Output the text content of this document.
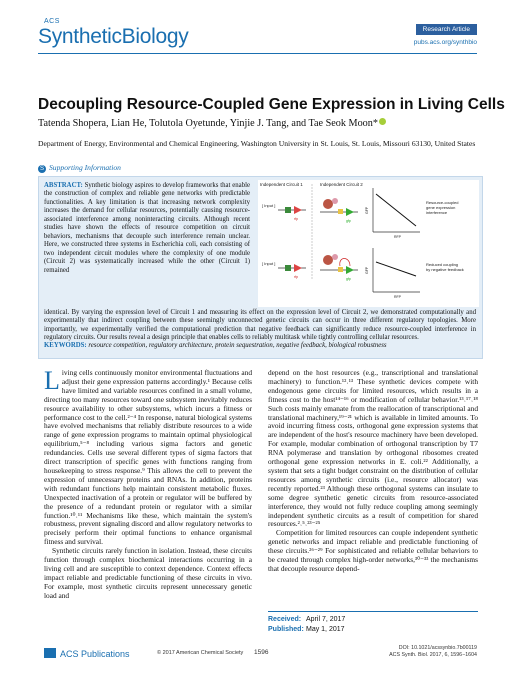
ACS
SyntheticBiology	Research Article
pubs.acs.org/synthbio
Decoupling Resource-Coupled Gene Expression in Living Cells
Tatenda Shopera, Lian He, Tolutola Oyetunde, Yinjie J. Tang, and Tae Seok Moon*
Department of Energy, Environmental and Chemical Engineering, Washington University in St. Louis, St. Louis, Missouri 63130, United States
S Supporting Information
ABSTRACT: Synthetic biology aspires to develop frameworks that enable the construction of complex and reliable gene networks with predictable functionalities. A key limitation is that increasing network complexity increases the demand for cellular resources, potentially causing resource-associated interference among noninteracting circuits. Although recent studies have shown the effects of resource competition on circuit behaviors, mechanisms that decouple such interference remain unclear. Here, we constructed three systems in Escherichia coli, each consisting of two independent circuit modules where the complexity of one module (Circuit 2) was systematically increased while the other (Circuit 1) remained
identical. By varying the expression level of Circuit 1 and measuring its effect on the expression level of Circuit 2, we demonstrated computationally and experimentally that indirect coupling between these seemingly unconnected genetic circuits can occur in three different regulatory topologies. More importantly, we experimentally verified the computational prediction that negative feedback can significantly reduce resource-coupled interference in regulatory circuits. Our results reveal a design principle that enables cells to reliably multitask while tightly controlling cellular resources.
KEYWORDS: resource competition, regulatory architecture, protein sequestration, negative feedback, biological robustness
Independent Circuit 1	Independent Circuit 2
[ Input ]
rfp	gfp
GFP
RFP
Resource-coupled gene expression interference
[ Input ]
rfp	gfp
GFP
RFP
Reduced coupling by negative feedback

Living cells continuously monitor environmental fluctuations and adjust their gene expression patterns accordingly.¹ Because cells have limited and variable resources confined in a small volume, directing too many resources toward one subsystem inevitably reduces resource availability to other subsystems, which incurs a fitness or performance cost to the cell.²⁻⁴ In response, natural biological systems have evolved mechanisms that reliably distribute resources to a wide range of gene expression programs to maintain optimal physiological equilibrium,⁵⁻⁸ including various sigma factors and genetic redundancies. Cells use several different types of sigma factors that direct transcription of specific genes with functions ranging from housekeeping to stress response.⁹ This allows the cell to prevent the expression of unnecessary proteins and RNAs. In addition, proteins with redundant functions help maintain consistent metabolic fluxes. Unexpected inactivation of a protein or regulator will be buffered by the presence of a redundant protein or regulator with a similar function.¹⁰˒¹¹ Mechanisms like these, which maintain the system's robustness, prevent signaling discord and allow regulatory networks to precisely perform their optimal functions to enhance organismal fitness and survival.

Synthetic circuits rarely function in isolation. Instead, these circuits function through complex biochemical interactions occurring in a living cell and are susceptible to context dependence. Context effects impact reliable and predictable functioning of these circuits in vivo. For example, most synthetic circuits represent unnecessary genetic load and

depend on the host resources (e.g., transcriptional and translational machinery) to function.¹²˒¹³ These synthetic devices compete with endogenous gene circuits for limited resources, which results in a fitness cost to the host¹⁴⁻¹⁶ or modification of cellular behavior.¹³˒¹⁷˒¹⁸ Such costs mainly emanate from the reallocation of transcriptional and translational machinery,¹⁹⁻²¹ which is available in limited amounts. To avoid incurring fitness costs, orthogonal gene expression systems that are independent of the host's resource machinery have been developed. For example, modular combination of orthogonal transcription by T7 RNA polymerase and translation by orthogonal ribosomes created orthogonal gene expression networks in E. coli.²² Additionally, a system that sets a tight budget constraint on the distribution of cellular resources among synthetic circuits (i.e., resource allocator) was recently reported.²³ Although these orthogonal systems can insulate to some degree synthetic genetic circuits from resource-associated interference, they would not fully reduce coupling among seemingly independent synthetic circuits as a result of competition for shared resources.²˒⁵˒²³⁻²⁵

Competition for limited resources can couple independent synthetic genetic networks and impact reliable and predictable functioning of these circuits.²⁶⁻²⁹ For sophisticated and reliable cellular behaviors to be created through complex high-order networks,³⁰⁻³³ the mechanisms that decouple resource depend-

Received: April 7, 2017
Published: May 1, 2017
ACS Publications	© 2017 American Chemical Society 1596
DOI: 10.1021/acssynbio.7b00119
ACS Synth. Biol. 2017, 6, 1596−1604
